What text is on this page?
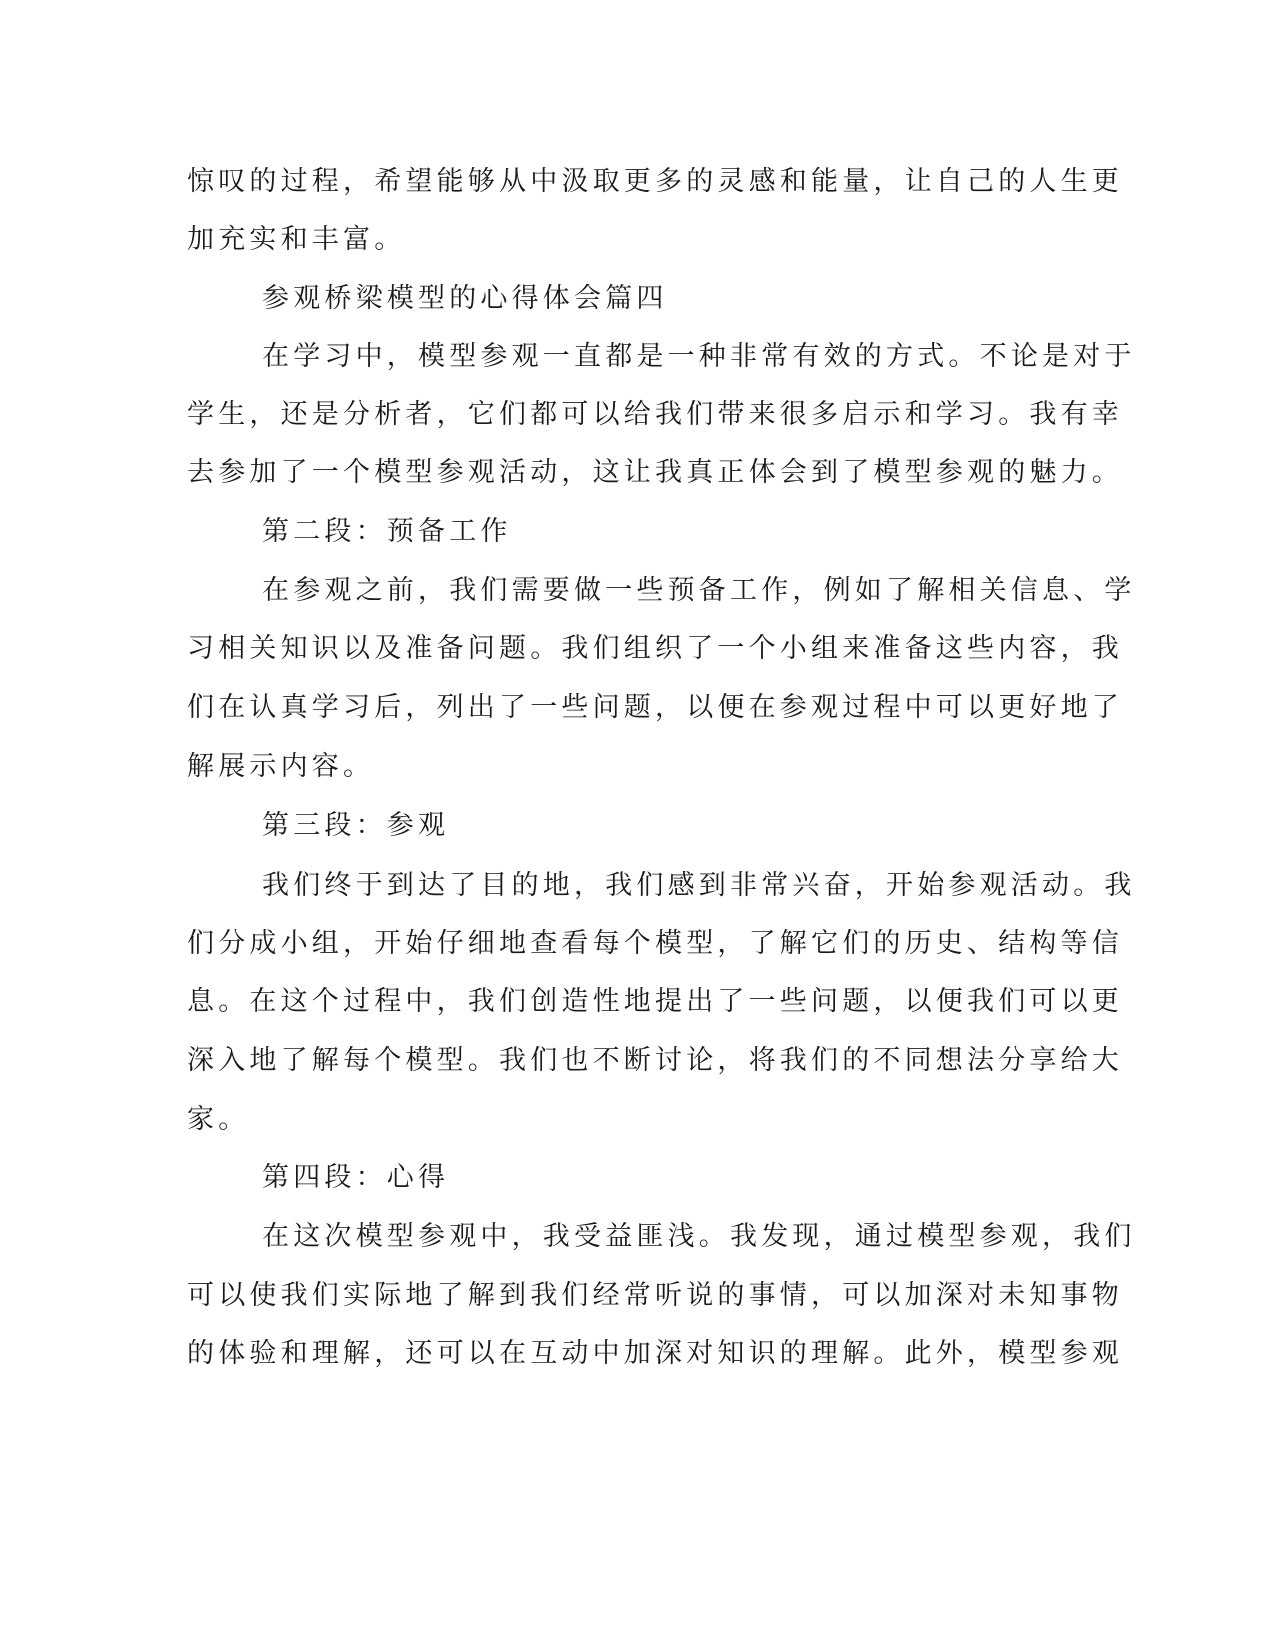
惊叹的过程，希望能够从中汲取更多的灵感和能量，让自己的人生更
加充实和丰富。
参观桥梁模型的心得体会篇四
在学习中，模型参观一直都是一种非常有效的方式。不论是对于
学生，还是分析者，它们都可以给我们带来很多启示和学习。我有幸
去参加了一个模型参观活动，这让我真正体会到了模型参观的魅力。
第二段：预备工作
在参观之前，我们需要做一些预备工作，例如了解相关信息、学
习相关知识以及准备问题。我们组织了一个小组来准备这些内容，我
们在认真学习后，列出了一些问题，以便在参观过程中可以更好地了
解展示内容。
第三段：参观
我们终于到达了目的地，我们感到非常兴奋，开始参观活动。我
们分成小组，开始仔细地查看每个模型，了解它们的历史、结构等信
息。在这个过程中，我们创造性地提出了一些问题，以便我们可以更
深入地了解每个模型。我们也不断讨论，将我们的不同想法分享给大
家。
第四段：心得
在这次模型参观中，我受益匪浅。我发现，通过模型参观，我们
可以使我们实际地了解到我们经常听说的事情，可以加深对未知事物
的体验和理解，还可以在互动中加深对知识的理解。此外，模型参观
